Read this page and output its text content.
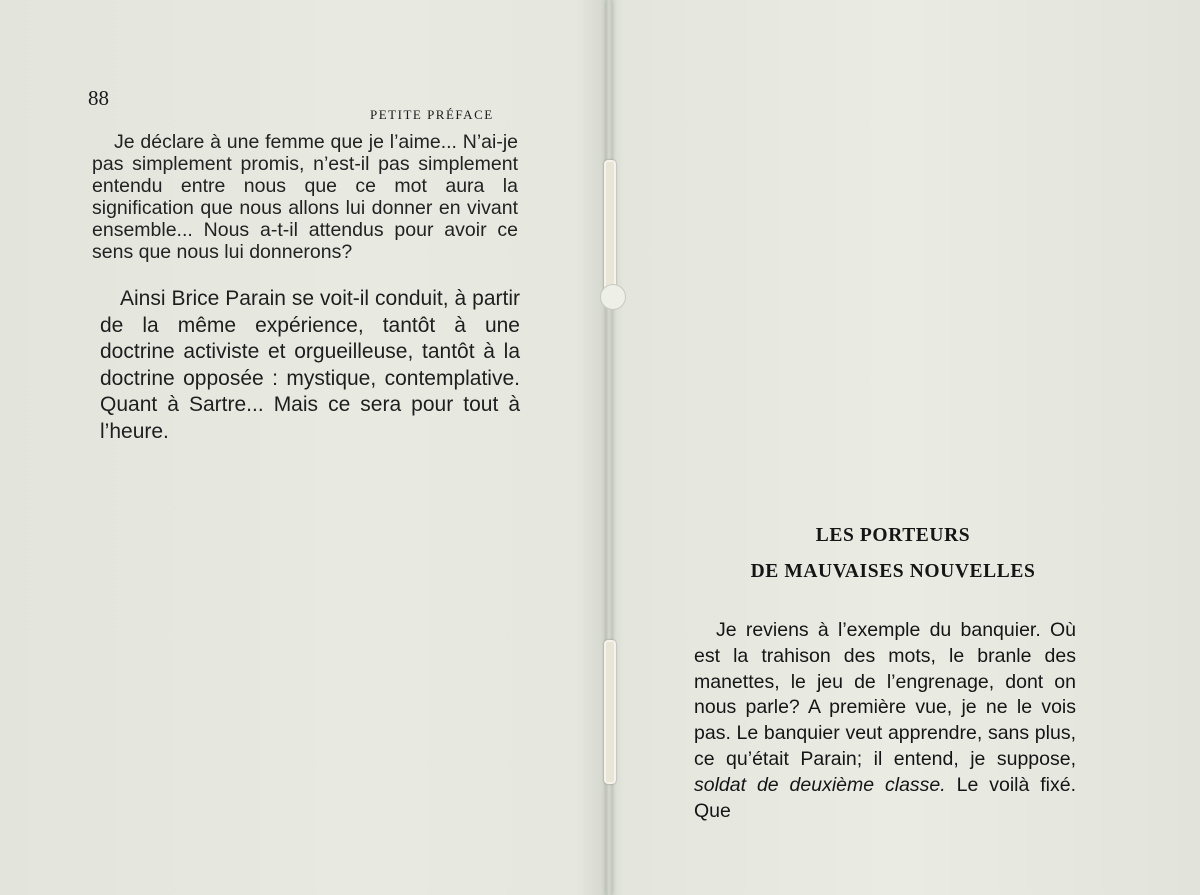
88

PETITE PRÉFACE

Je déclare à une femme que je l’aime... N’ai-je pas simplement promis, n’est-il pas simplement entendu entre nous que ce mot aura la signification que nous allons lui donner en vivant ensemble... Nous a-t-il attendus pour avoir ce sens que nous lui donnerons?

Ainsi Brice Parain se voit-il conduit, à partir de la même expérience, tantôt à une doctrine activiste et orgueilleuse, tantôt à la doctrine opposée : mystique, contemplative. Quant à Sartre... Mais ce sera pour tout à l’heure.

LES PORTEURS
DE MAUVAISES NOUVELLES

Je reviens à l’exemple du banquier. Où est la trahison des mots, le branle des manettes, le jeu de l’engrenage, dont on nous parle? A première vue, je ne le vois pas. Le banquier veut apprendre, sans plus, ce qu’était Parain; il entend, je suppose, soldat de deuxième classe. Le voilà fixé. Que
